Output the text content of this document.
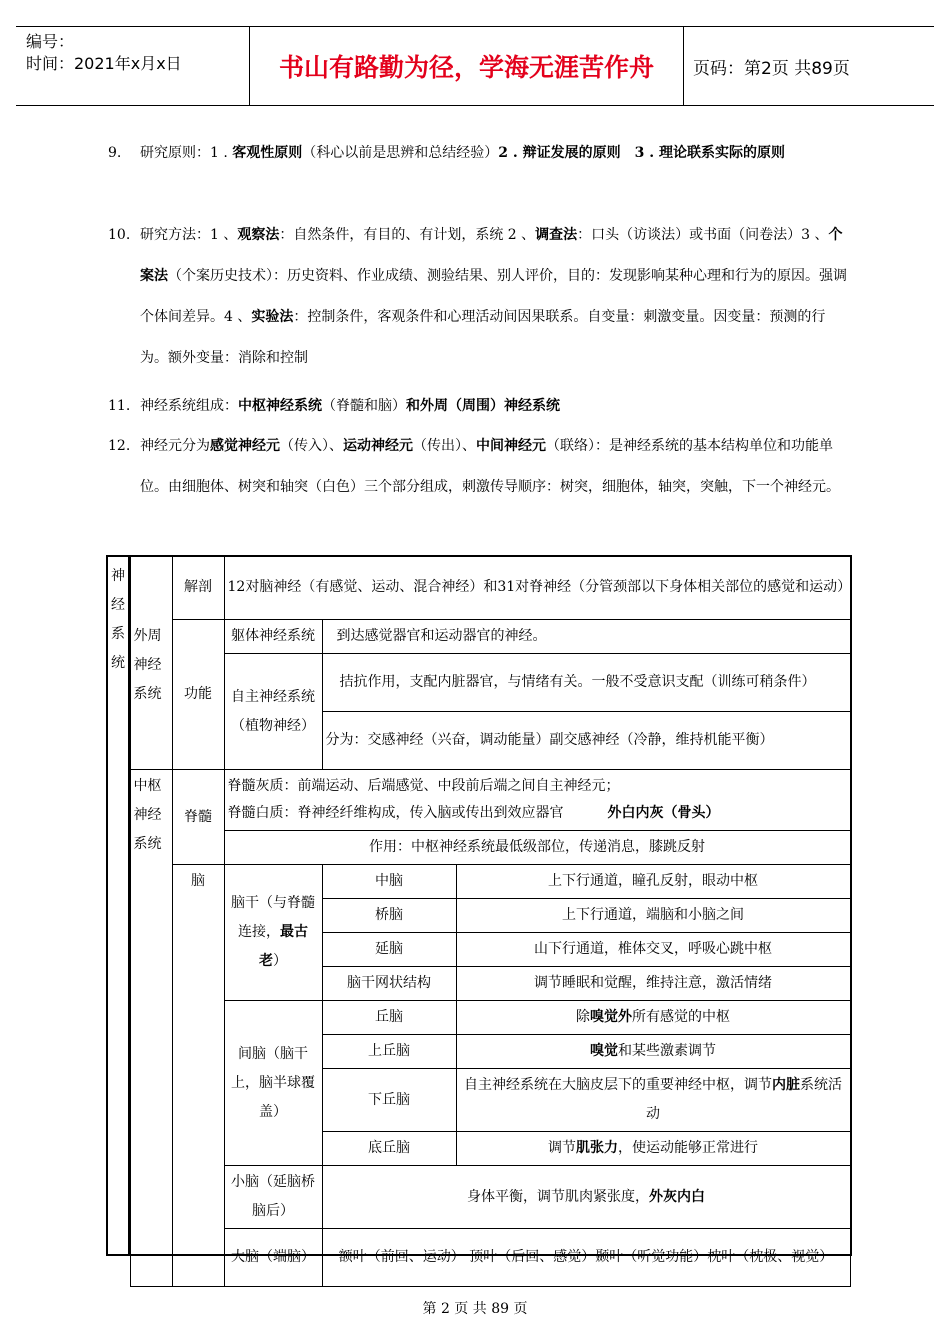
编号：
时间：2021年x月x日	书山有路勤为径，学海无涯苦作舟	页码：第2页 共89页
9. 研究原则：1 . 客观性原则（科心以前是思辨和总结经验）2 . 辩证发展的原则　 3 . 理论联系实际的原则
10. 研究方法：1 、观察法：自然条件，有目的、有计划，系统 2 、调查法：口头（访谈法）或书面（问卷法）3 、个案法（个案历史技术）：历史资料、作业成绩、测验结果、别人评价，目的：发现影响某种心理和行为的原因。强调个体间差异。4 、实验法：控制条件，客观条件和心理活动间因果联系。自变量：刺激变量。因变量：预测的行为。额外变量：消除和控制
11. 神经系统组成：中枢神经系统（脊髓和脑）和外周（周围）神经系统
12. 神经元分为感觉神经元（传入）、运动神经元（传出）、中间神经元（联络）：是神经系统的基本结构单位和功能单位。由细胞体、树突和轴突（白色）三个部分组成，刺激传导顺序：树突，细胞体，轴突，突触，下一个神经元。
	外周神经系统	解剖	12对脑神经（有感觉、运动、混合神经）和31对脊神经（分管颈部以下身体相关部位的感觉和运动）		
		功能	躯体神经系统	到达感觉器官和运动器官的神经。	
			自主神经系统（植物神经）	拮抗作用，支配内脏器官，与情绪有关。一般不受意识支配（训练可稍条件）	
				分为：交感神经（兴奋，调动能量）副交感神经（冷静，维持机能平衡）	
	中枢神经系统	脊髓	脊髓灰质：前端运动、后端感觉、中段前后端之间自主神经元；
脊髓白质：脊神经纤维构成，传入脑或传出到效应器官 外白内灰（骨头）		

			作用：中枢神经系统最低级部位，传递消息，膝跳反射		
		脑	脑干（与脊髓连接，最古老）	中脑	上下行通道，瞳孔反射，眼动中枢
				桥脑	上下行通道，端脑和小脑之间
				延脑	山下行通道，椎体交叉，呼吸心跳中枢
				脑干网状结构	调节睡眠和觉醒，维持注意，激活情绪
			间脑（脑干上，脑半球覆盖）	丘脑	除嗅觉外所有感觉的中枢
				上丘脑	嗅觉和某些激素调节
				下丘脑	自主神经系统在大脑皮层下的重要神经中枢，调节内脏系统活动
				底丘脑	调节肌张力，使运动能够正常进行
			小脑（延脑桥脑后）	身体平衡，调节肌肉紧张度，外灰内白	
			大脑（端脑）	额叶（前回、运动） 顶叶（后回、感觉）颞叶（听觉功能）枕叶（枕极、视觉）	
神经系统
第 2 页 共 89 页
